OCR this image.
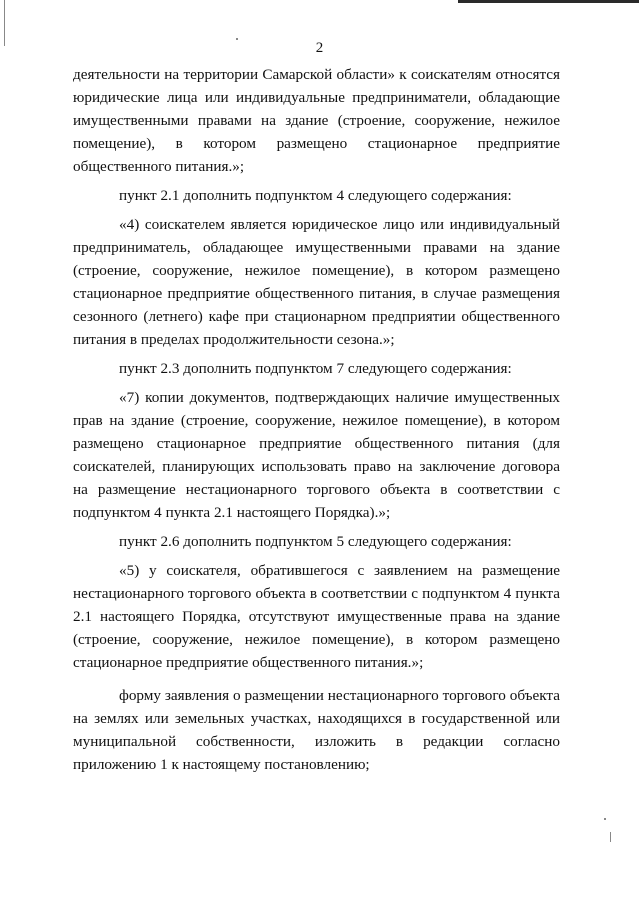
2

деятельности на территории Самарской области» к соискателям относятся юридические лица или индивидуальные предприниматели, обладающие имущественными правами на здание (строение, сооружение, нежилое помещение), в котором размещено стационарное предприятие общественного питания.»;

пункт 2.1 дополнить подпунктом 4 следующего содержания:

«4) соискателем является юридическое лицо или индивидуальный предприниматель, обладающее имущественными правами на здание (строение, сооружение, нежилое помещение), в котором размещено стационарное предприятие общественного питания, в случае размещения сезонного (летнего) кафе при стационарном предприятии общественного питания в пределах продолжительности сезона.»;

пункт 2.3 дополнить подпунктом 7 следующего содержания:

«7) копии документов, подтверждающих наличие имущественных прав на здание (строение, сооружение, нежилое помещение), в котором размещено стационарное предприятие общественного питания (для соискателей, планирующих использовать право на заключение договора на размещение нестационарного торгового объекта в соответствии с подпунктом 4 пункта 2.1 настоящего Порядка).»;

пункт 2.6 дополнить подпунктом 5 следующего содержания:

«5) у соискателя, обратившегося с заявлением на размещение нестационарного торгового объекта в соответствии с подпунктом 4 пункта 2.1 настоящего Порядка, отсутствуют имущественные права на здание (строение, сооружение, нежилое помещение), в котором размещено стационарное предприятие общественного питания.»;

форму заявления о размещении нестационарного торгового объекта на землях или земельных участках, находящихся в государственной или муниципальной собственности, изложить в редакции согласно приложению 1 к настоящему постановлению;
